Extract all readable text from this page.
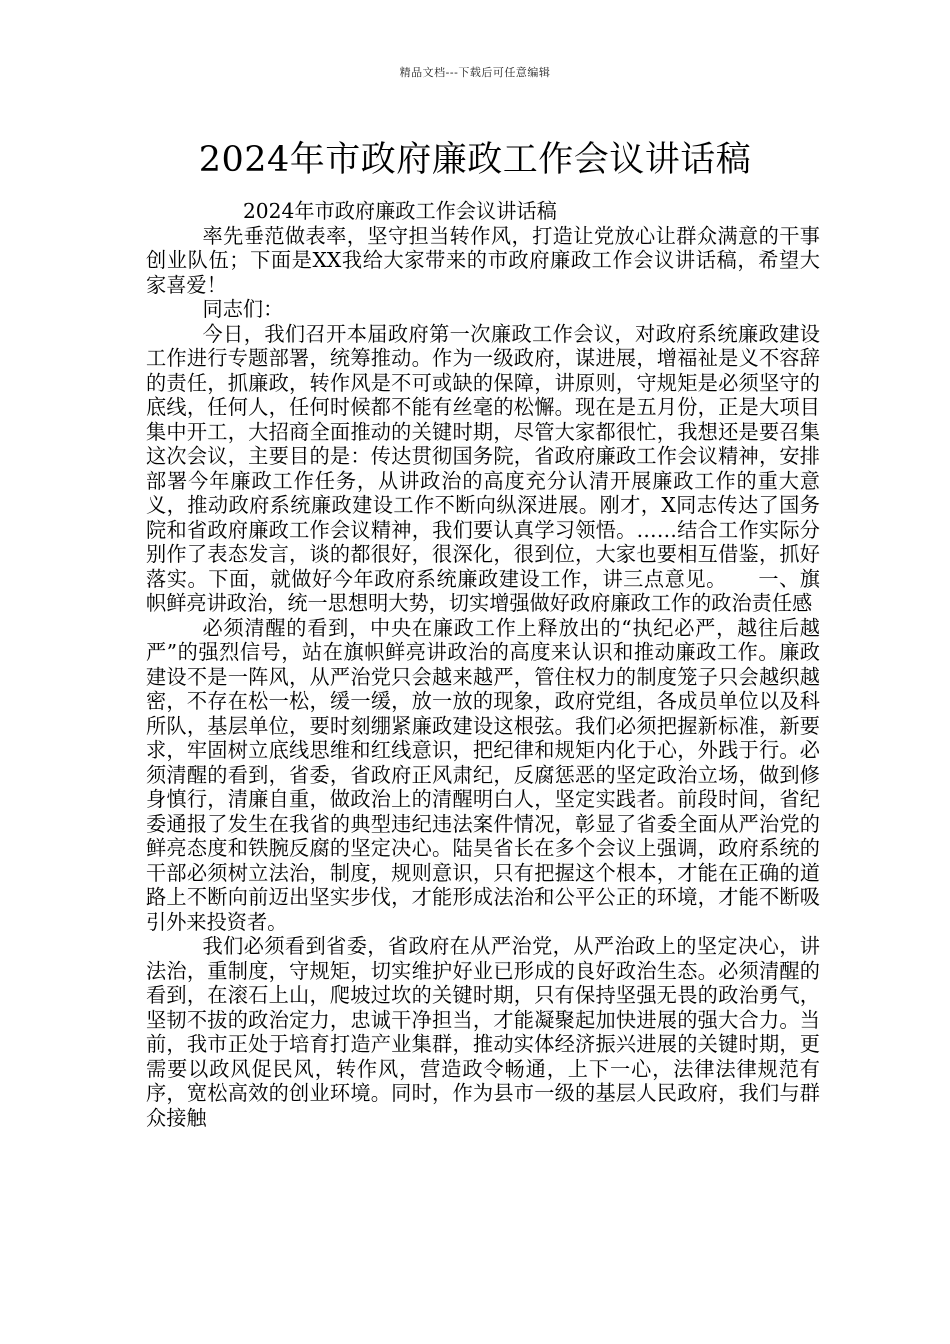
精品文档---下载后可任意编辑
2024年市政府廉政工作会议讲话稿

2024年市政府廉政工作会议讲话稿

率先垂范做表率，坚守担当转作风，打造让党放心让群众满意的干事创业队伍；下面是XX我给大家带来的市政府廉政工作会议讲话稿，希望大家喜爱！

同志们：

今日，我们召开本届政府第一次廉政工作会议，对政府系统廉政建设工作进行专题部署，统筹推动。作为一级政府，谋进展，增福祉是义不容辞的责任，抓廉政，转作风是不可或缺的保障，讲原则，守规矩是必须坚守的底线，任何人，任何时候都不能有丝毫的松懈。现在是五月份，正是大项目集中开工，大招商全面推动的关键时期，尽管大家都很忙，我想还是要召集这次会议，主要目的是：传达贯彻国务院，省政府廉政工作会议精神，安排部署今年廉政工作任务，从讲政治的高度充分认清开展廉政工作的重大意义，推动政府系统廉政建设工作不断向纵深进展。刚才，X同志传达了国务院和省政府廉政工作会议精神，我们要认真学习领悟。……结合工作实际分别作了表态发言，谈的都很好，很深化，很到位，大家也要相互借鉴，抓好落实。下面，就做好今年政府系统廉政建设工作，讲三点意见。　　一、旗帜鲜亮讲政治，统一思想明大势，切实增强做好政府廉政工作的政治责任感

必须清醒的看到，中央在廉政工作上释放出的“执纪必严，越往后越严”的强烈信号，站在旗帜鲜亮讲政治的高度来认识和推动廉政工作。廉政建设不是一阵风，从严治党只会越来越严，管住权力的制度笼子只会越织越密，不存在松一松，缓一缓，放一放的现象，政府党组，各成员单位以及科所队，基层单位，要时刻绷紧廉政建设这根弦。我们必须把握新标准，新要求，牢固树立底线思维和红线意识，把纪律和规矩内化于心，外践于行。必须清醒的看到，省委，省政府正风肃纪，反腐惩恶的坚定政治立场，做到修身慎行，清廉自重，做政治上的清醒明白人，坚定实践者。前段时间，省纪委通报了发生在我省的典型违纪违法案件情况，彰显了省委全面从严治党的鲜亮态度和铁腕反腐的坚定决心。陆昊省长在多个会议上强调，政府系统的干部必须树立法治，制度，规则意识，只有把握这个根本，才能在正确的道路上不断向前迈出坚实步伐，才能形成法治和公平公正的环境，才能不断吸引外来投资者。

我们必须看到省委，省政府在从严治党，从严治政上的坚定决心，讲法治，重制度，守规矩，切实维护好业已形成的良好政治生态。必须清醒的看到，在滚石上山，爬坡过坎的关键时期，只有保持坚强无畏的政治勇气，坚韧不拔的政治定力，忠诚干净担当，才能凝聚起加快进展的强大合力。当前，我市正处于培育打造产业集群，推动实体经济振兴进展的关键时期，更需要以政风促民风，转作风，营造政令畅通，上下一心，法律法律规范有序，宽松高效的创业环境。同时，作为县市一级的基层人民政府，我们与群众接触
